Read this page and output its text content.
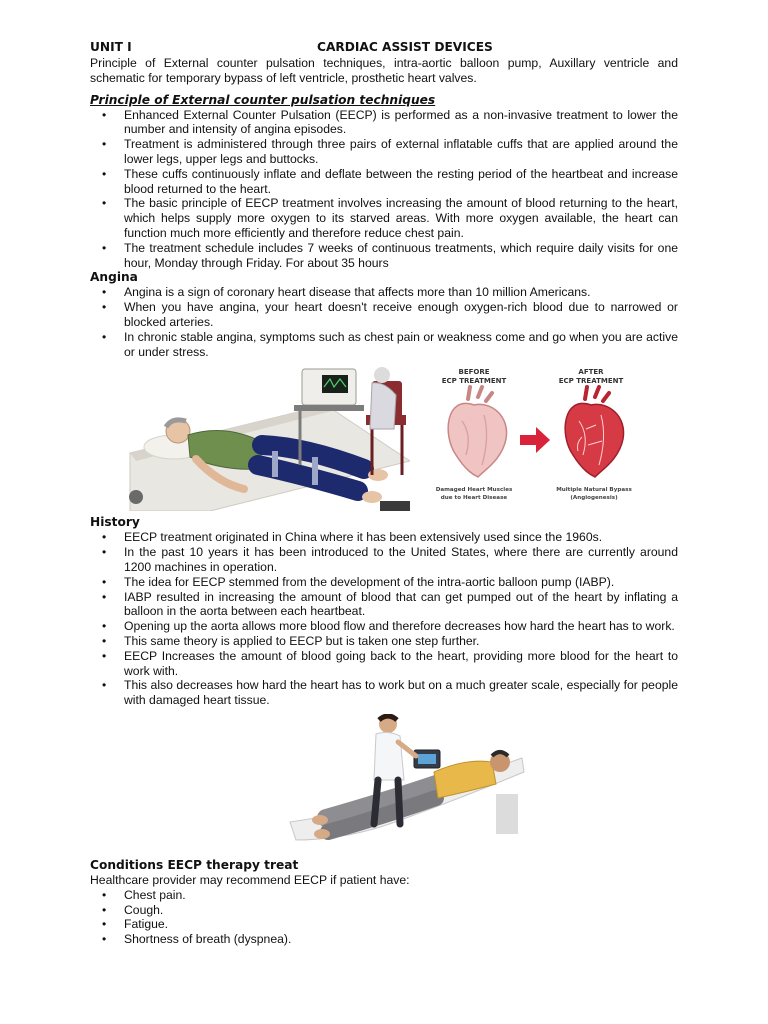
UNIT I	CARDIAC ASSIST DEVICES

Principle of External counter pulsation techniques, intra-aortic balloon pump, Auxillary ventricle and schematic for temporary bypass of left ventricle, prosthetic heart valves.

Principle of External counter pulsation techniques
• Enhanced External Counter Pulsation (EECP) is performed as a non-invasive treatment to lower the number and intensity of angina episodes.
• Treatment is administered through three pairs of external inflatable cuffs that are applied around the lower legs, upper legs and buttocks.
• These cuffs continuously inflate and deflate between the resting period of the heartbeat and increase blood returned to the heart.
• The basic principle of EECP treatment involves increasing the amount of blood returning to the heart, which helps supply more oxygen to its starved areas. With more oxygen available, the heart can function much more efficiently and therefore reduce chest pain.
• The treatment schedule includes 7 weeks of continuous treatments, which require daily visits for one hour, Monday through Friday. For about 35 hours
Angina
• Angina is a sign of coronary heart disease that affects more than 10 million Americans.
• When you have angina, your heart doesn't receive enough oxygen-rich blood due to narrowed or blocked arteries.
• In chronic stable angina, symptoms such as chest pain or weakness come and go when you are active or under stress.
BEFORE
ECP TREATMENT
AFTER
ECP TREATMENT
Damaged Heart Muscles
due to Heart Disease
Multiple Natural Bypass
(Angiogenesis)
History
• EECP treatment originated in China where it has been extensively used since the 1960s.
• In the past 10 years it has been introduced to the United States, where there are currently around 1200 machines in operation.
• The idea for EECP stemmed from the development of the intra-aortic balloon pump (IABP).
• IABP resulted in increasing the amount of blood that can get pumped out of the heart by inflating a balloon in the aorta between each heartbeat.
• Opening up the aorta allows more blood flow and therefore decreases how hard the heart has to work.
• This same theory is applied to EECP but is taken one step further.
• EECP Increases the amount of blood going back to the heart, providing more blood for the heart to work with.
• This also decreases how hard the heart has to work but on a much greater scale, especially for people with damaged heart tissue.
Conditions EECP therapy treat

Healthcare provider may recommend EECP if patient have:

• Chest pain.
• Cough.
• Fatigue.
• Shortness of breath (dyspnea).
